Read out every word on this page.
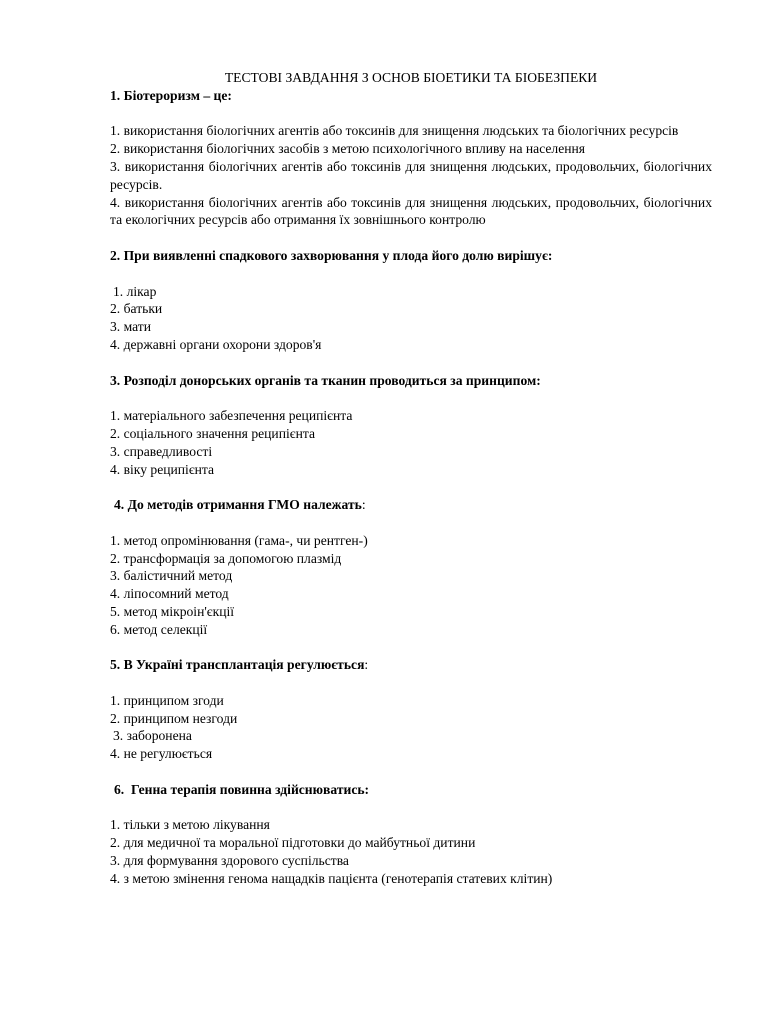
ТЕСТОВІ ЗАВДАННЯ З ОСНОВ БІОЕТИКИ ТА БІОБЕЗПЕКИ

1. Біотероризм – це:

1. використання біологічних агентів або токсинів для знищення людських та біологічних ресурсів

2. використання біологічних засобів з метою психологічного впливу на населення

3. використання біологічних агентів або токсинів для знищення людських, продовольчих, біологічних ресурсів.

4. використання біологічних агентів або токсинів для знищення людських, продовольчих, біологічних та екологічних ресурсів або отримання їх зовнішнього контролю

2. При виявленні спадкового захворювання у плода його долю вирішує:

1. лікар

2. батьки

3. мати

4. державні органи охорони здоров'я

3. Розподіл донорських органів та тканин проводиться за принципом:

1. матеріального забезпечення реципієнта

2. соціального значення реципієнта

3. справедливості

4. віку реципієнта

4. До методів отримання ГМО належать:

1. метод опромінювання (гама-, чи рентген-)

2. трансформація за допомогою плазмід

3. балістичний метод

4. ліпосомний метод

5. метод мікроін'єкції

6. метод селекції

5. В Україні трансплантація регулюється:

1. принципом згоди

2. принципом незгоди

3. заборонена

4. не регулюється

6.  Генна терапія повинна здійснюватись:

1. тільки з метою лікування

2. для медичної та моральної підготовки до майбутньої дитини

3. для формування здорового суспільства

4. з метою змінення генома нащадків пацієнта (генотерапія статевих клітин)
